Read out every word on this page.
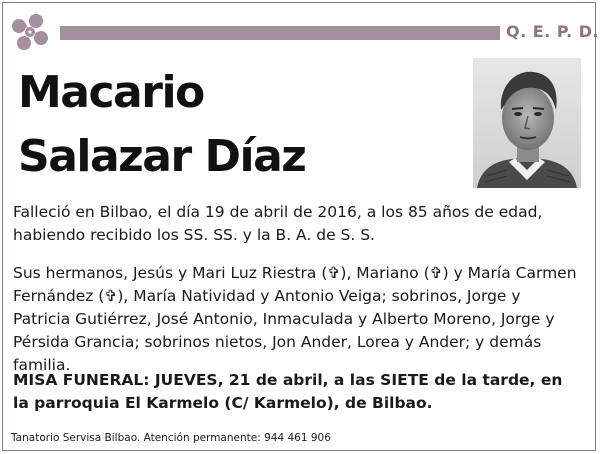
Q. E. P. D.
Macario
Salazar Díaz

Falleció en Bilbao, el día 19 de abril de 2016, a los 85 años de edad, habiendo recibido los SS. SS. y la B. A. de S. S.

Sus hermanos, Jesús y Mari Luz Riestra (✞), Mariano (✞) y María Carmen Fernández (✞), María Natividad y Antonio Veiga; sobrinos, Jorge y Patricia Gutiérrez, José Antonio, Inmaculada y Alberto Moreno, Jorge y Pérsida Grancia; sobrinos nietos, Jon Ander, Lorea y Ander; y demás familia.

MISA FUNERAL: JUEVES, 21 de abril, a las SIETE de la tarde, en la parroquia El Karmelo (C/ Karmelo), de Bilbao.

Tanatorio Servisa Bilbao. Atención permanente: 944 461 906
